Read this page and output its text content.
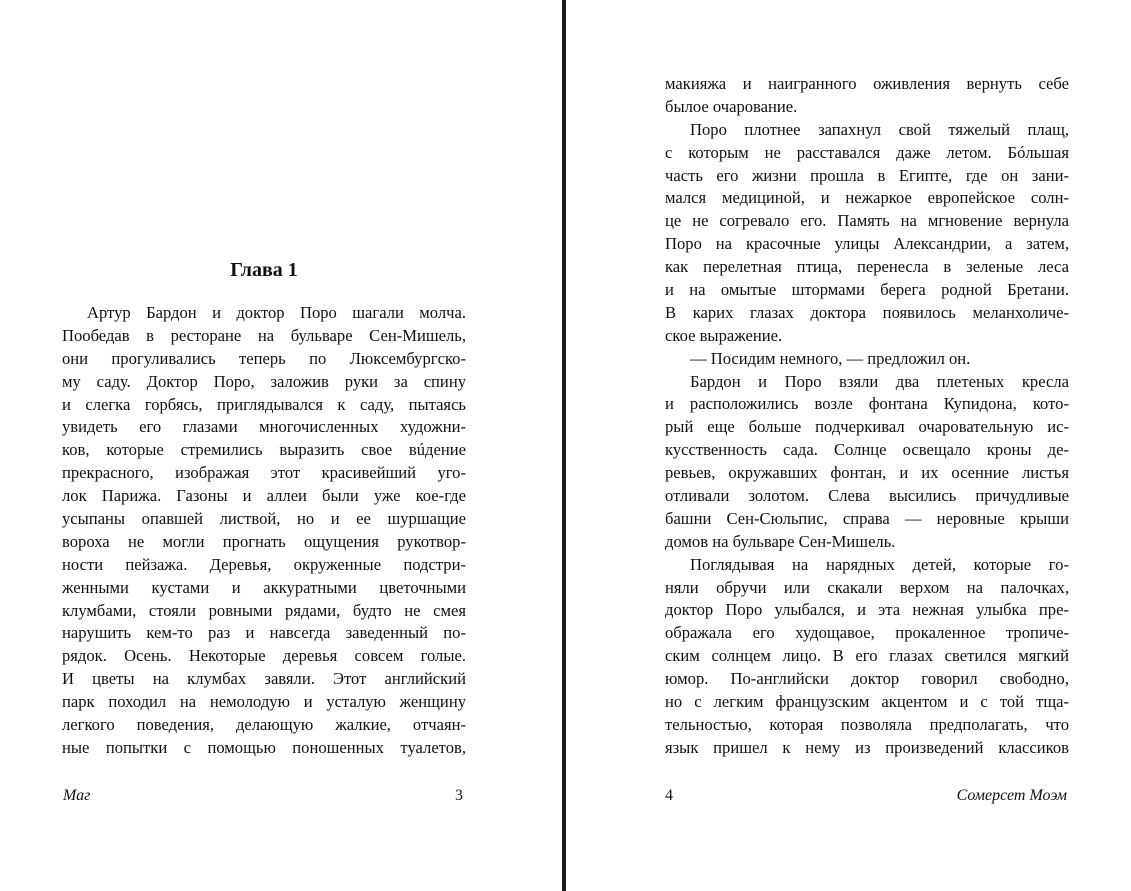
Глава 1
Артур Бардон и доктор Поро шагали молча.
Пообедав в ресторане на бульваре Сен-Мишель,
они прогуливались теперь по Люксембургско-
му саду. Доктор Поро, заложив руки за спину
и слегка горбясь, приглядывался к саду, пытаясь
увидеть его глазами многочисленных художни-
ков, которые стремились выразить свое вúдение
прекрасного, изображая этот красивейший уго-
лок Парижа. Газоны и аллеи были уже кое-где
усыпаны опавшей листвой, но и ее шуршащие
вороха не могли прогнать ощущения рукотвор-
ности пейзажа. Деревья, окруженные подстри-
женными кустами и аккуратными цветочными
клумбами, стояли ровными рядами, будто не смея
нарушить кем-то раз и навсегда заведенный по-
рядок. Осень. Некоторые деревья совсем голые.
И цветы на клумбах завяли. Этот английский
парк походил на немолодую и усталую женщину
легкого поведения, делающую жалкие, отчаян-
ные попытки с помощью поношенных туалетов,

Маг	3

макияжа и наигранного оживления вернуть себе
былое очарование.
Поро плотнее запахнул свой тяжелый плащ,
с которым не расставался даже летом. Бóльшая
часть его жизни прошла в Египте, где он зани-
мался медициной, и нежаркое европейское солн-
це не согревало его. Память на мгновение вернула
Поро на красочные улицы Александрии, а затем,
как перелетная птица, перенесла в зеленые леса
и на омытые штормами берега родной Бретани.
В карих глазах доктора появилось меланхоличе-
ское выражение.
— Посидим немного, — предложил он.
Бардон и Поро взяли два плетеных кресла
и расположились возле фонтана Купидона, кото-
рый еще больше подчеркивал очаровательную ис-
кусственность сада. Солнце освещало кроны де-
ревьев, окружавших фонтан, и их осенние листья
отливали золотом. Слева высились причудливые
башни Сен-Сюльпис, справа — неровные крыши
домов на бульваре Сен-Мишель.
Поглядывая на нарядных детей, которые го-
няли обручи или скакали верхом на палочках,
доктор Поро улыбался, и эта нежная улыбка пре-
ображала его худощавое, прокаленное тропиче-
ским солнцем лицо. В его глазах светился мягкий
юмор. По-английски доктор говорил свободно,
но с легким французским акцентом и с той тща-
тельностью, которая позволяла предполагать, что
язык пришел к нему из произведений классиков

4	Сомерсет Моэм
